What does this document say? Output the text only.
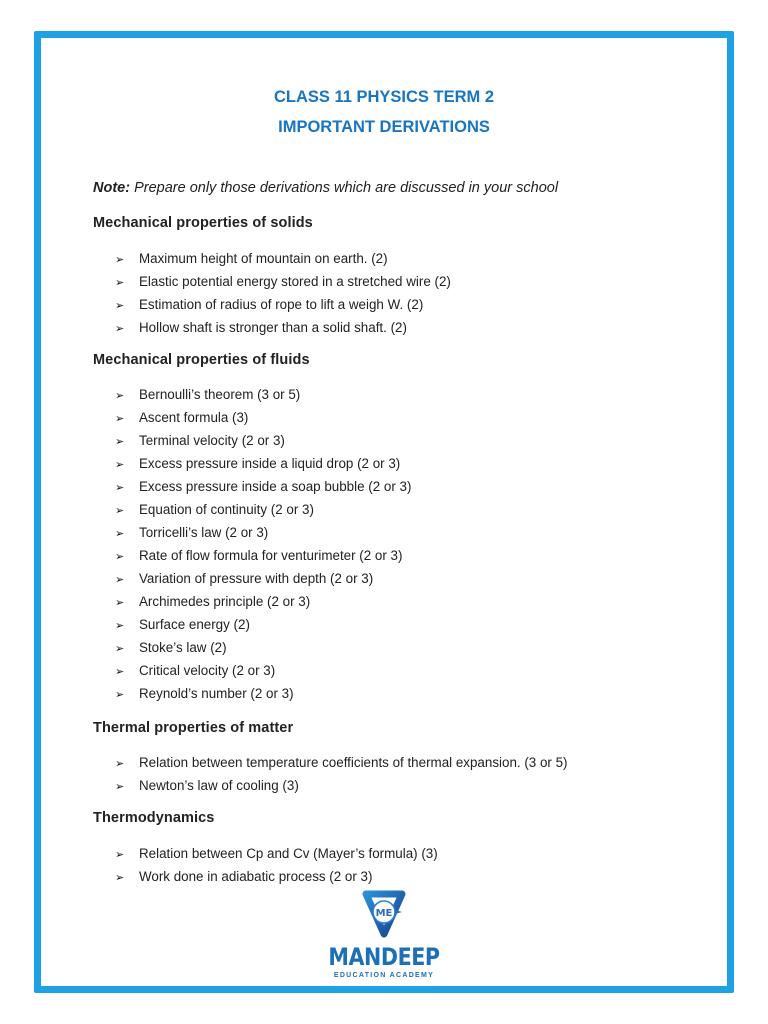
CLASS 11 PHYSICS TERM 2
IMPORTANT DERIVATIONS
Note: Prepare only those derivations which are discussed in your school
Mechanical properties of solids
➢ Maximum height of mountain on earth. (2)
➢ Elastic potential energy stored in a stretched wire (2)
➢ Estimation of radius of rope to lift a weigh W. (2)
➢ Hollow shaft is stronger than a solid shaft. (2)
Mechanical properties of fluids
➢ Bernoulli’s theorem (3 or 5)
➢ Ascent formula (3)
➢ Terminal velocity (2 or 3)
➢ Excess pressure inside a liquid drop (2 or 3)
➢ Excess pressure inside a soap bubble (2 or 3)
➢ Equation of continuity (2 or 3)
➢ Torricelli’s law (2 or 3)
➢ Rate of flow formula for venturimeter (2 or 3)
➢ Variation of pressure with depth (2 or 3)
➢ Archimedes principle (2 or 3)
➢ Surface energy (2)
➢ Stoke’s law (2)
➢ Critical velocity (2 or 3)
➢ Reynold’s number (2 or 3)
Thermal properties of matter
➢ Relation between temperature coefficients of thermal expansion. (3 or 5)
➢ Newton’s law of cooling (3)
Thermodynamics
➢ Relation between Cp and Cv (Mayer’s formula) (3)
➢ Work done in adiabatic process (2 or 3)
ME
MANDEEP
EDUCATION ACADEMY
